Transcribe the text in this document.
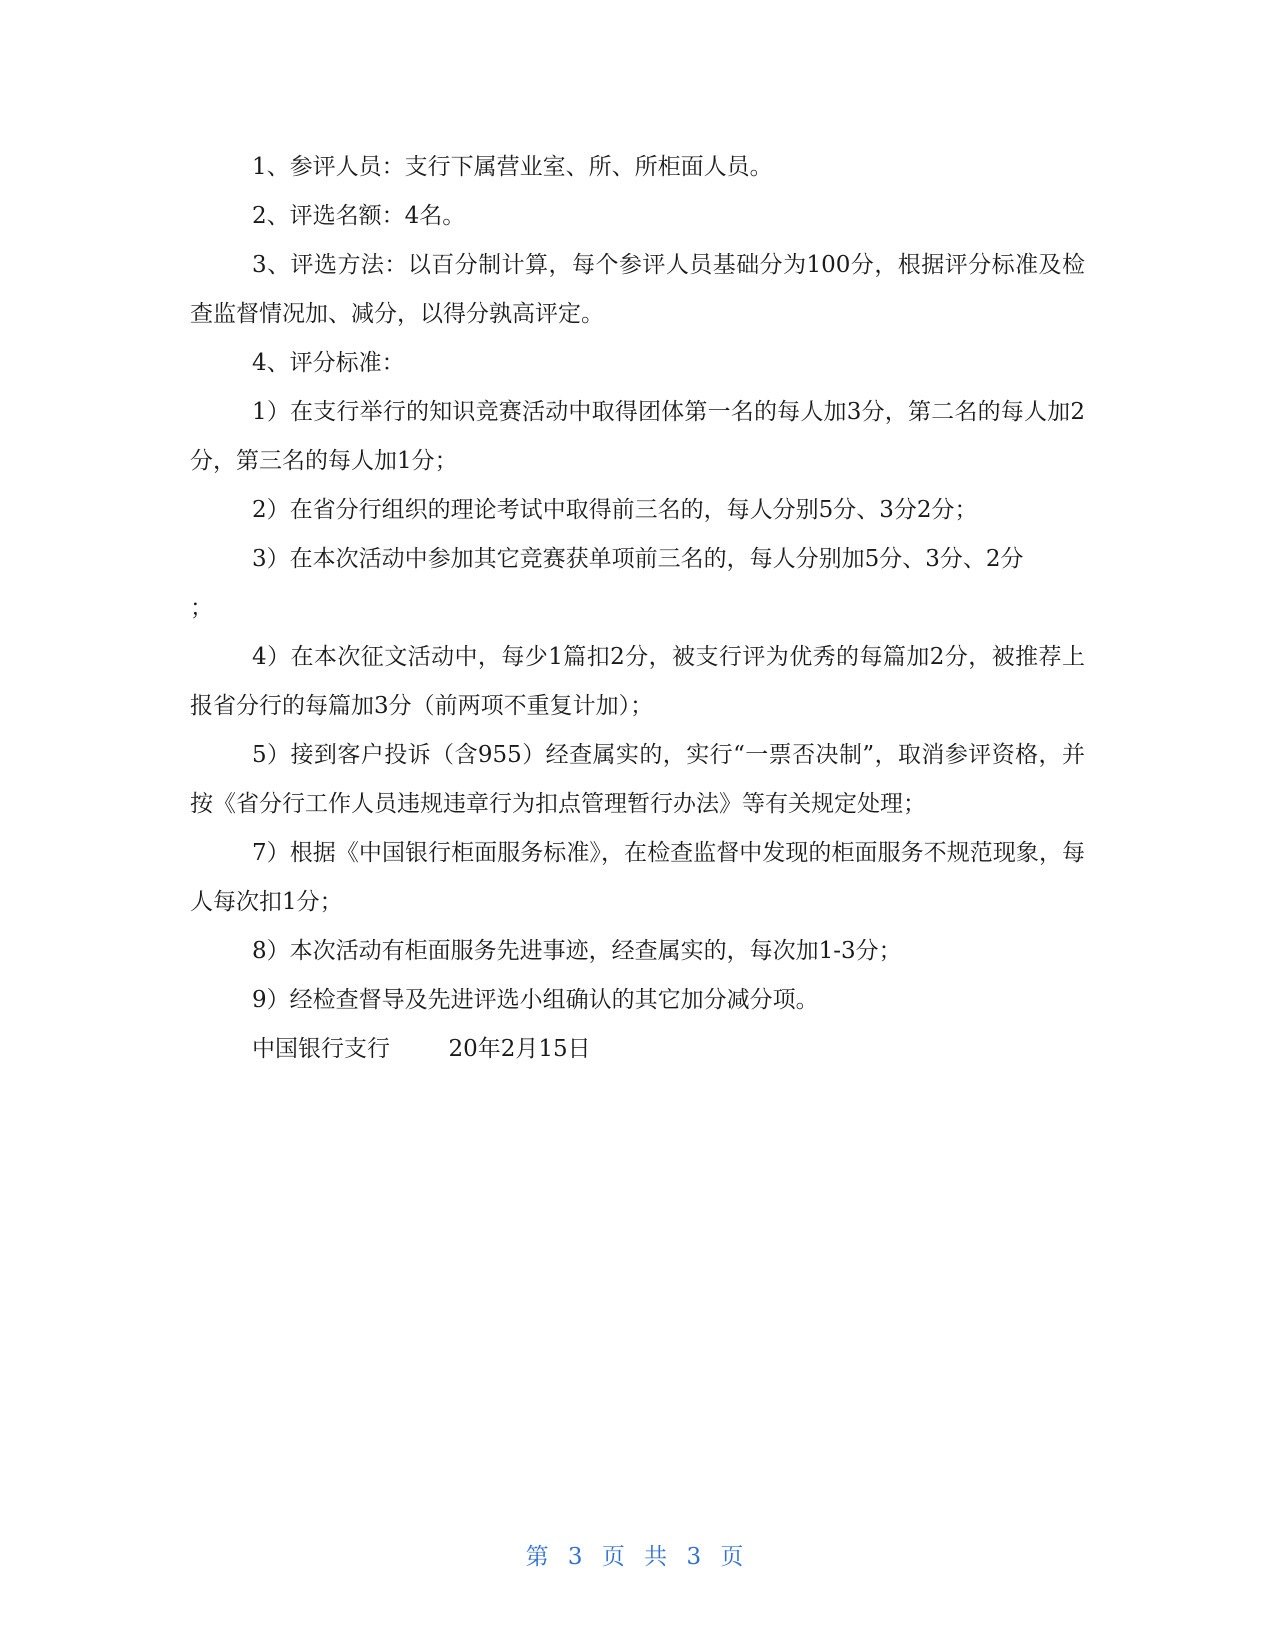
1、参评人员：支行下属营业室、所、所柜面人员。

2、评选名额：4名。

3、评选方法：以百分制计算，每个参评人员基础分为100分，根据评分标准及检查监督情况加、减分，以得分孰高评定。

4、评分标准：

1）在支行举行的知识竞赛活动中取得团体第一名的每人加3分，第二名的每人加2分，第三名的每人加1分；

2）在省分行组织的理论考试中取得前三名的，每人分别5分、3分2分；

3）在本次活动中参加其它竞赛获单项前三名的，每人分别加5分、3分、2分
；

4）在本次征文活动中，每少1篇扣2分，被支行评为优秀的每篇加2分，被推荐上报省分行的每篇加3分（前两项不重复计加）；

5）接到客户投诉（含955）经查属实的，实行“一票否决制”，取消参评资格，并按《省分行工作人员违规违章行为扣点管理暂行办法》等有关规定处理；

7）根据《中国银行柜面服务标准》，在检查监督中发现的柜面服务不规范现象，每人每次扣1分；

8）本次活动有柜面服务先进事迹，经查属实的，每次加1-3分；

9）经检查督导及先进评选小组确认的其它加分减分项。

中国银行支行        20年2月15日

第 3 页 共 3 页
